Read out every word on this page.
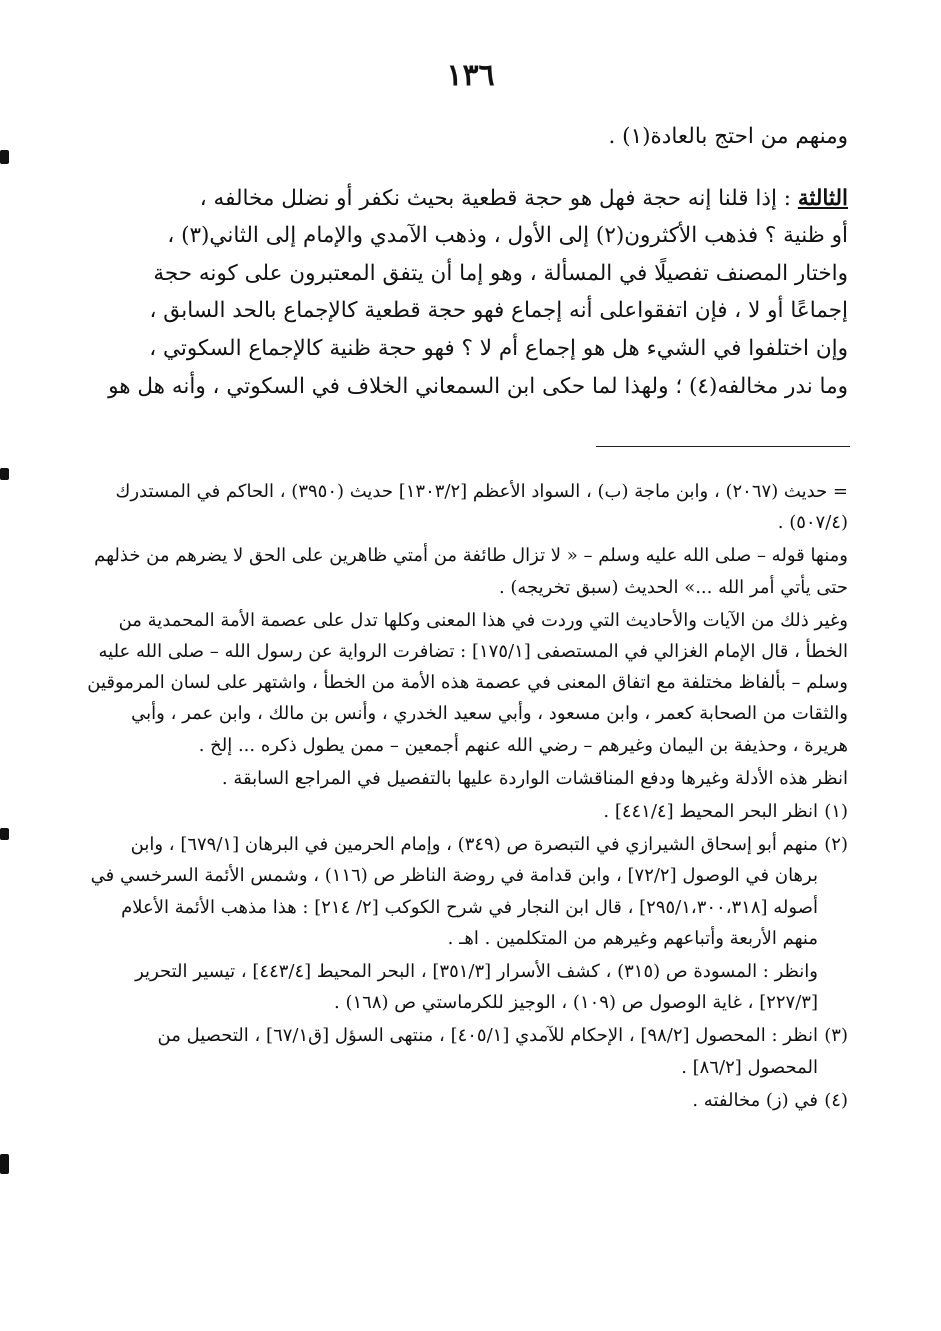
١٣٦

ومنهم من احتج بالعادة(١) .

الثالثة : إذا قلنا إنه حجة فهل هو حجة قطعية بحيث نكفر أو نضلل مخالفه ،

أو ظنية ؟ فذهب الأكثرون(٢) إلى الأول ، وذهب الآمدي والإمام إلى الثاني(٣) ،

واختار المصنف تفصيلًا في المسألة ، وهو إما أن يتفق المعتبرون على كونه حجة

إجماعًا أو لا ، فإن اتفقواعلى أنه إجماع فهو حجة قطعية كالإجماع بالحد السابق ،

وإن اختلفوا في الشيء هل هو إجماع أم لا ؟ فهو حجة ظنية كالإجماع السكوتي ،

وما ندر مخالفه(٤) ؛ ولهذا لما حكى ابن السمعاني الخلاف في السكوتي ، وأنه هل هو

= حديث (٢٠٦٧) ، وابن ماجة (ب) ، السواد الأعظم [١٣٠٣/٢] حديث (٣٩٥٠) ، الحاكم في المستدرك (٥٠٧/٤) .

ومنها قوله – صلى الله عليه وسلم – « لا تزال طائفة من أمتي ظاهرين على الحق لا يضرهم من خذلهم حتى يأتي أمر الله ...» الحديث (سبق تخريجه) .

وغير ذلك من الآيات والأحاديث التي وردت في هذا المعنى وكلها تدل على عصمة الأمة المحمدية من الخطأ ، قال الإمام الغزالي في المستصفى [١٧٥/١] : تضافرت الرواية عن رسول الله – صلى الله عليه وسلم – بألفاظ مختلفة مع اتفاق المعنى في عصمة هذه الأمة من الخطأ ، واشتهر على لسان المرموقين والثقات من الصحابة كعمر ، وابن مسعود ، وأبي سعيد الخدري ، وأنس بن مالك ، وابن عمر ، وأبي هريرة ، وحذيفة بن اليمان وغيرهم – رضي الله عنهم أجمعين – ممن يطول ذكره ... إلخ .

انظر هذه الأدلة وغيرها ودفع المناقشات الواردة عليها بالتفصيل في المراجع السابقة .

(١)

انظر البحر المحيط [٤٤١/٤] .

(٢)

منهم أبو إسحاق الشيرازي في التبصرة ص (٣٤٩) ، وإمام الحرمين في البرهان [٦٧٩/١] ، وابن برهان في الوصول [٧٢/٢] ، وابن قدامة في روضة الناظر ص (١١٦) ، وشمس الأئمة السرخسي في أصوله [٢٩٥/١،٣٠٠،٣١٨] ، قال ابن النجار في شرح الكوكب [٢/ ٢١٤] : هذا مذهب الأئمة الأعلام منهم الأربعة وأتباعهم وغيرهم من المتكلمين . اهـ .

وانظر : المسودة ص (٣١٥) ، كشف الأسرار [٣٥١/٣] ، البحر المحيط [٤٤٣/٤] ، تيسير التحرير [٢٢٧/٣] ، غاية الوصول ص (١٠٩) ، الوجيز للكرماستي ص (١٦٨) .

(٣)

انظر : المحصول [٩٨/٢] ، الإحكام للآمدي [٤٠٥/١] ، منتهى السؤل [ق٦٧/١] ، التحصيل من المحصول [٨٦/٢] .

(٤)

في (ز) مخالفته .
